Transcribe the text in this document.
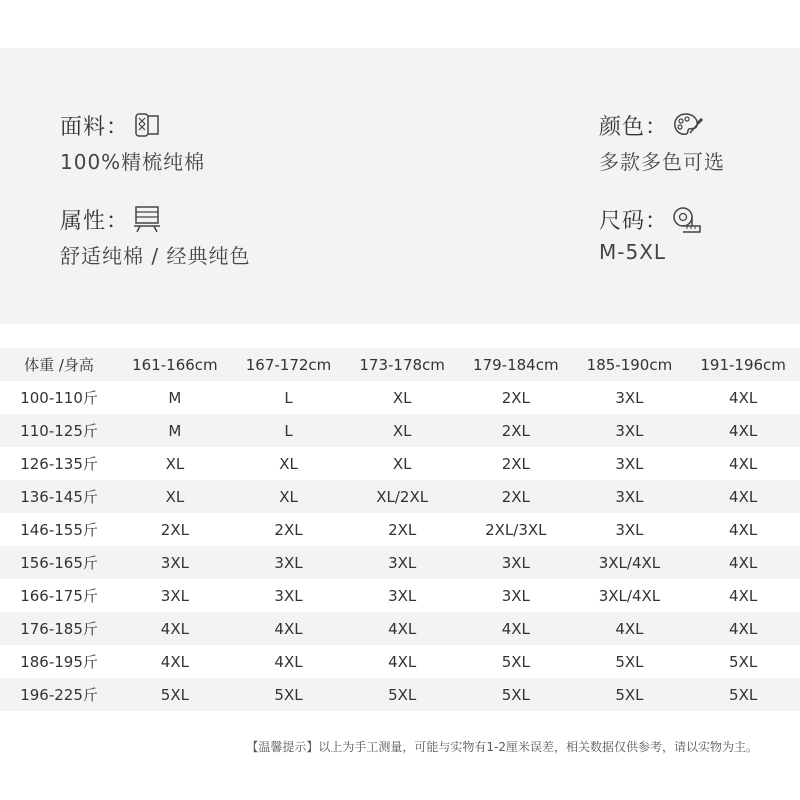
面料：
100%精梳纯棉
属性：
舒适纯棉 / 经典纯色
颜色：
多款多色可选
尺码：
M-5XL
体重 /身高	161-166cm	167-172cm	173-178cm	179-184cm	185-190cm	191-196cm
100-110斤	M	L	XL	2XL	3XL	4XL
110-125斤	M	L	XL	2XL	3XL	4XL
126-135斤	XL	XL	XL	2XL	3XL	4XL
136-145斤	XL	XL	XL/2XL	2XL	3XL	4XL
146-155斤	2XL	2XL	2XL	2XL/3XL	3XL	4XL
156-165斤	3XL	3XL	3XL	3XL	3XL/4XL	4XL
166-175斤	3XL	3XL	3XL	3XL	3XL/4XL	4XL
176-185斤	4XL	4XL	4XL	4XL	4XL	4XL
186-195斤	4XL	4XL	4XL	5XL	5XL	5XL
196-225斤	5XL	5XL	5XL	5XL	5XL	5XL
【温馨提示】以上为手工测量，可能与实物有1-2厘米误差，相关数据仅供参考，请以实物为主。
